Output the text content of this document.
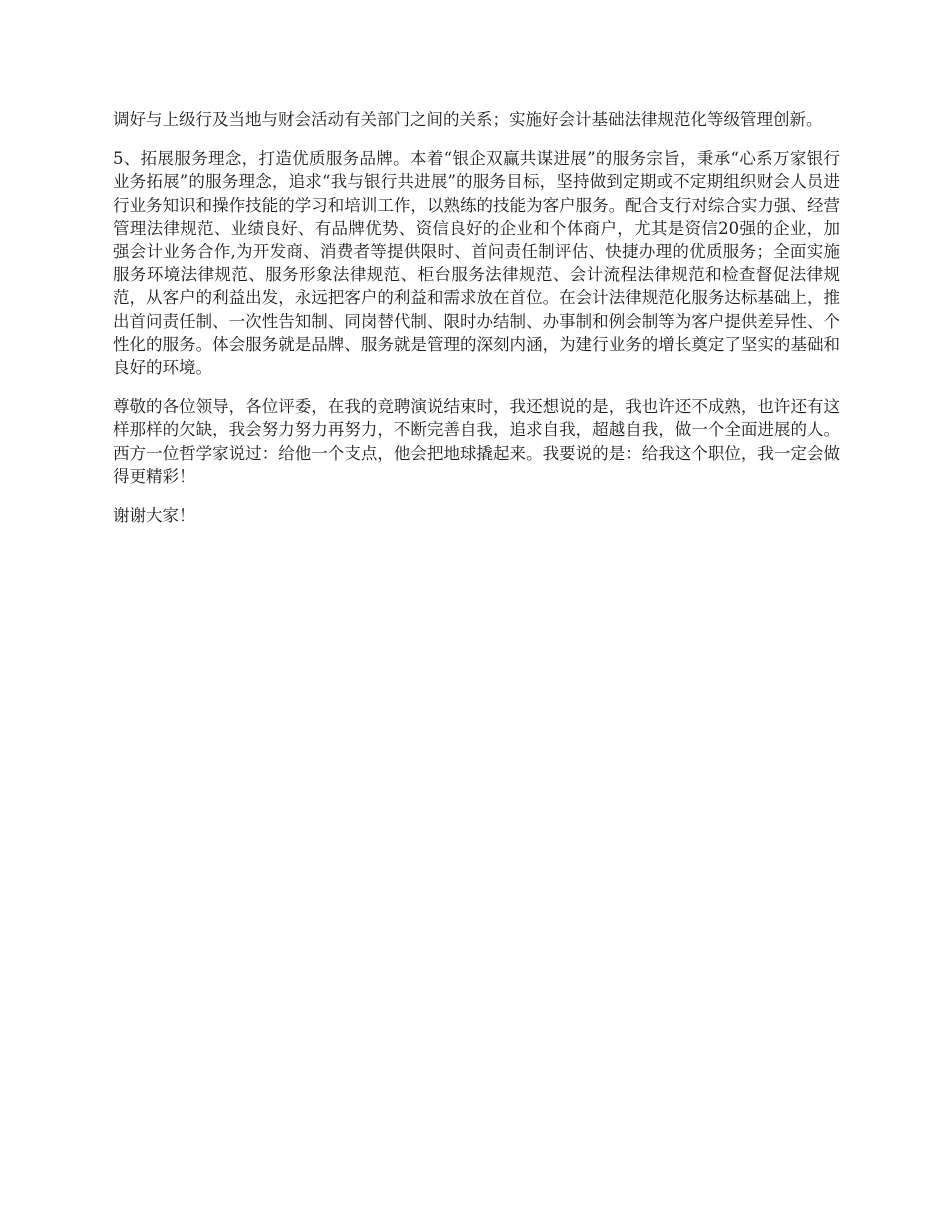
调好与上级行及当地与财会活动有关部门之间的关系；实施好会计基础法律规范化等级管理创新。

5、拓展服务理念，打造优质服务品牌。本着“银企双赢共谋进展”的服务宗旨，秉承“心系万家银行业务拓展”的服务理念，追求“我与银行共进展”的服务目标，坚持做到定期或不定期组织财会人员进行业务知识和操作技能的学习和培训工作，以熟练的技能为客户服务。配合支行对综合实力强、经营管理法律规范、业绩良好、有品牌优势、资信良好的企业和个体商户，尤其是资信20强的企业，加强会计业务合作,为开发商、消费者等提供限时、首问责任制评估、快捷办理的优质服务；全面实施服务环境法律规范、服务形象法律规范、柜台服务法律规范、会计流程法律规范和检查督促法律规范，从客户的利益出发，永远把客户的利益和需求放在首位。在会计法律规范化服务达标基础上，推出首问责任制、一次性告知制、同岗替代制、限时办结制、办事制和例会制等为客户提供差异性、个性化的服务。体会服务就是品牌、服务就是管理的深刻内涵，为建行业务的增长奠定了坚实的基础和良好的环境。

尊敬的各位领导，各位评委，在我的竞聘演说结束时，我还想说的是，我也许还不成熟，也许还有这样那样的欠缺，我会努力努力再努力，不断完善自我，追求自我，超越自我，做一个全面进展的人。西方一位哲学家说过：给他一个支点，他会把地球撬起来。我要说的是：给我这个职位，我一定会做得更精彩！

谢谢大家！
